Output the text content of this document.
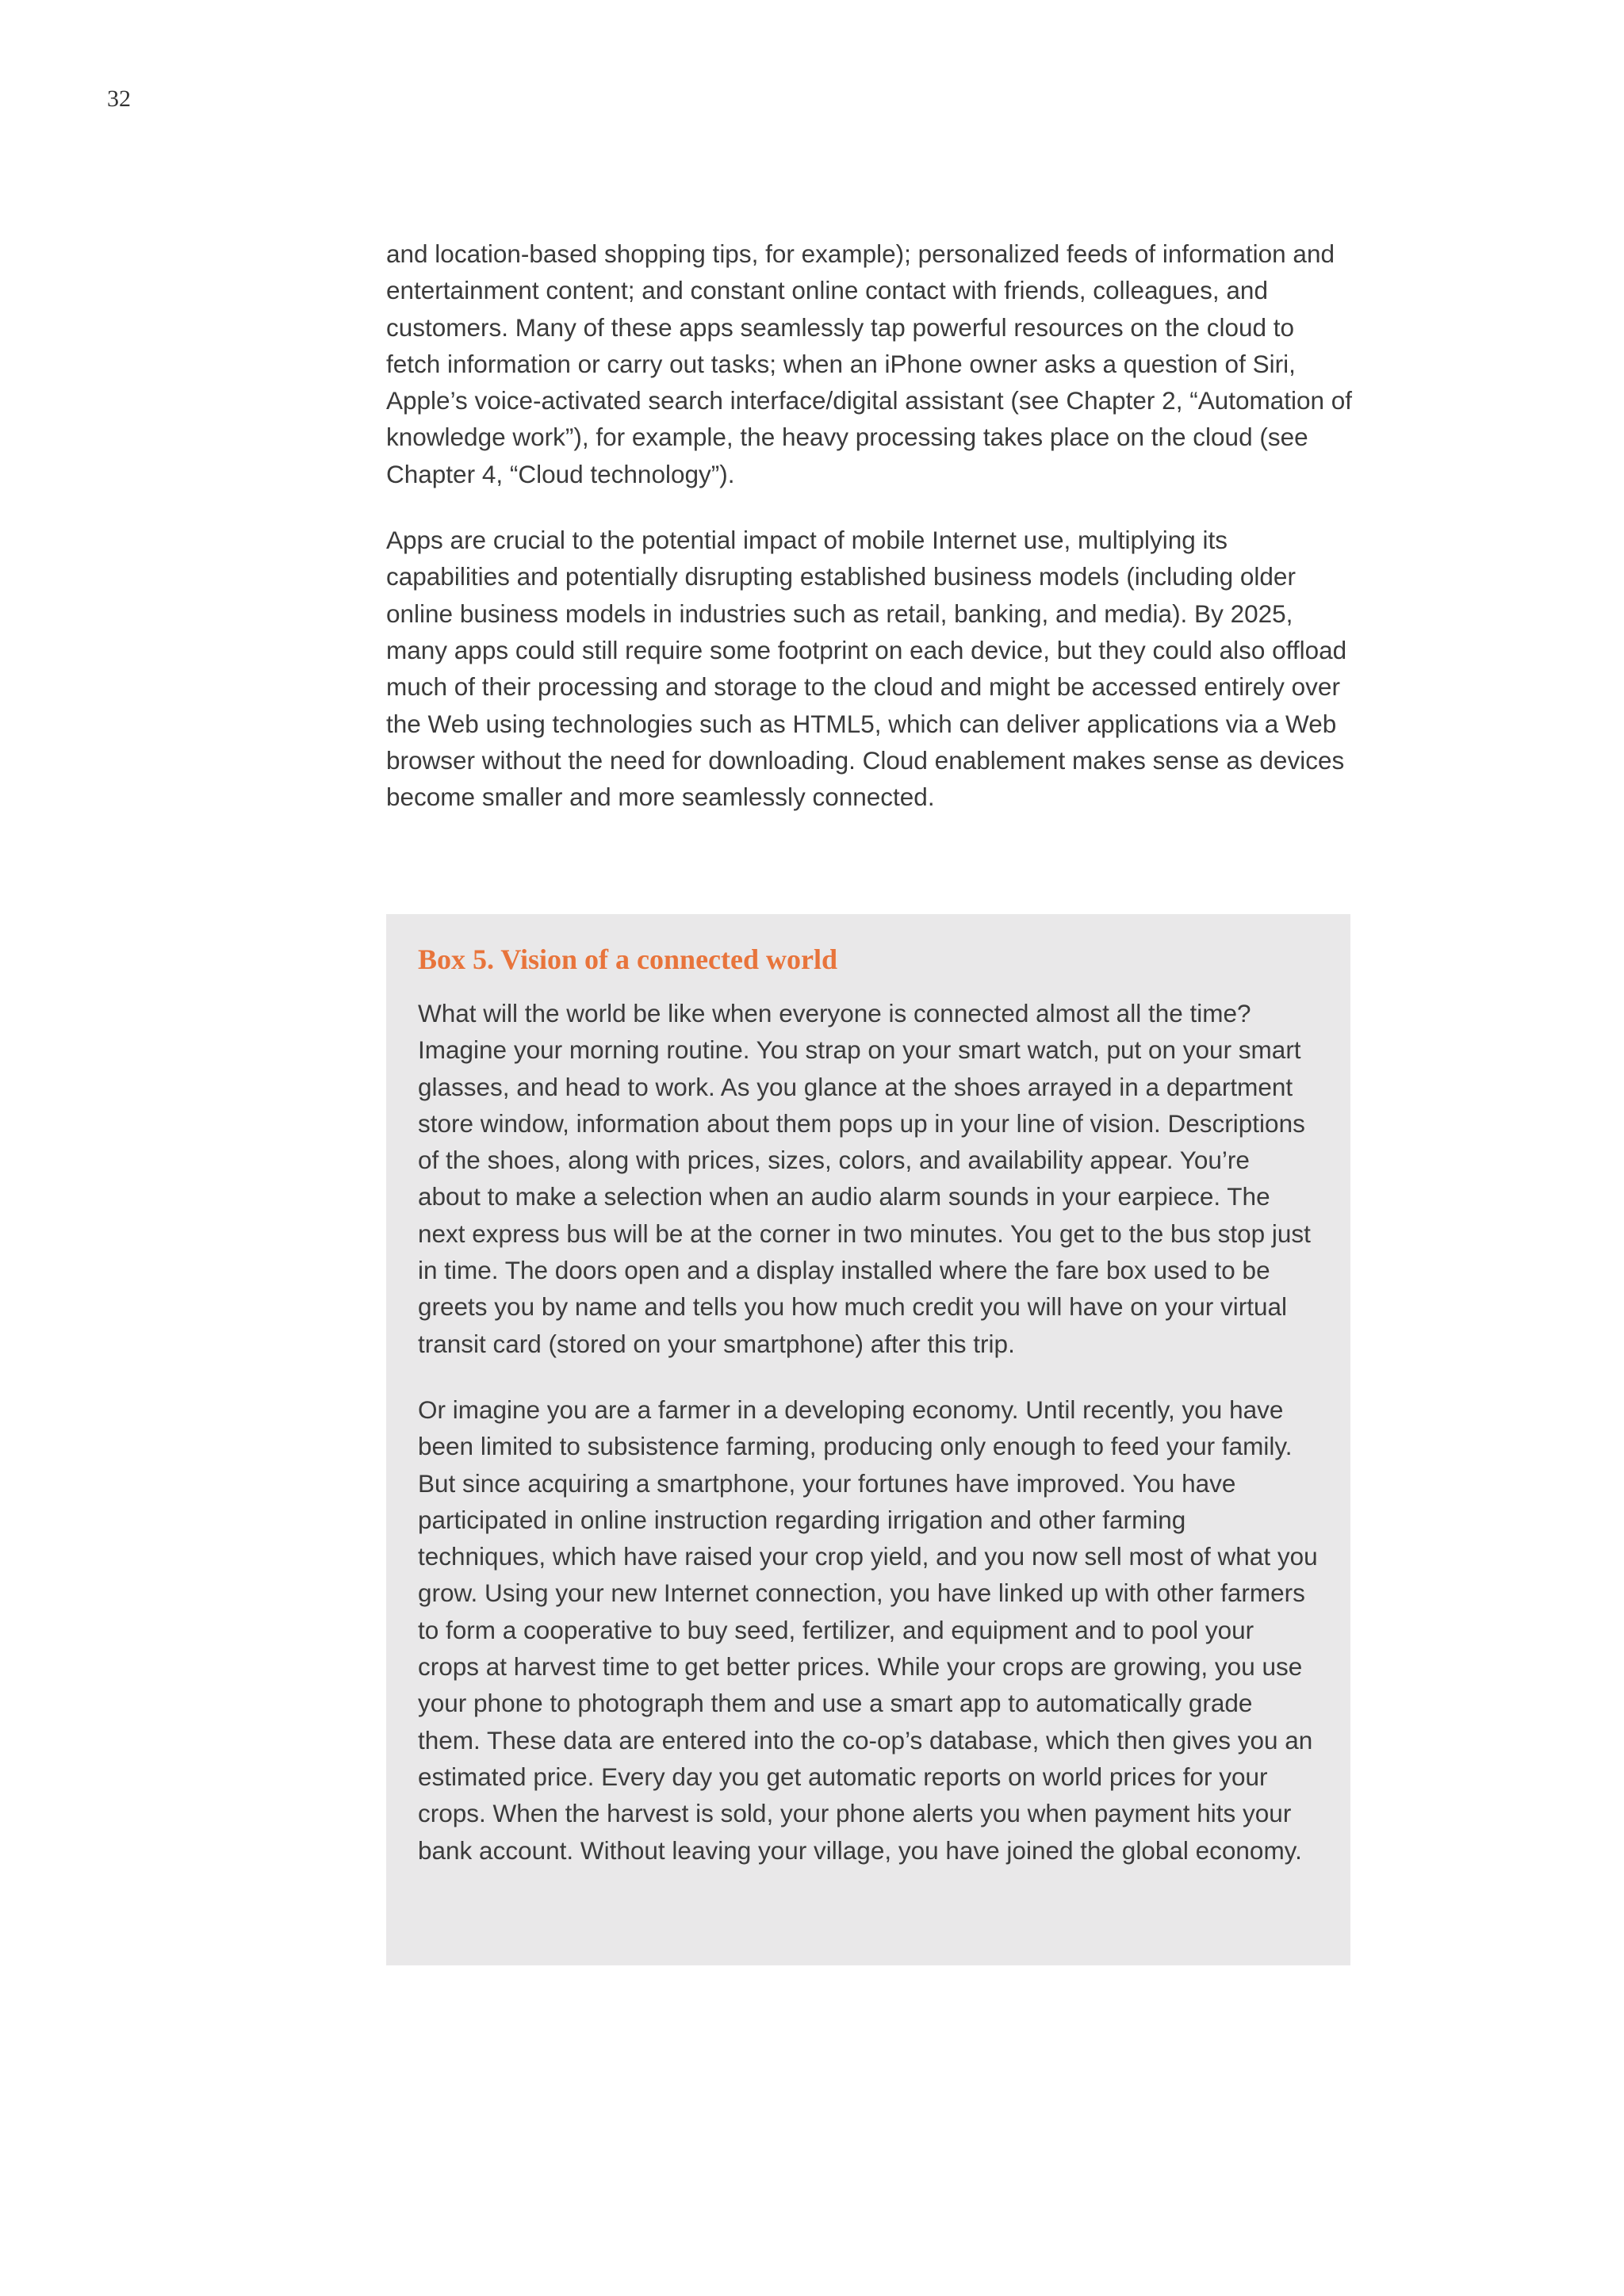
32

and location-based shopping tips, for example); personalized feeds of information and entertainment content; and constant online contact with friends, colleagues, and customers. Many of these apps seamlessly tap powerful resources on the cloud to fetch information or carry out tasks; when an iPhone owner asks a question of Siri, Apple’s voice-activated search interface/digital assistant (see Chapter 2, “Automation of knowledge work”), for example, the heavy processing takes place on the cloud (see Chapter 4, “Cloud technology”).

Apps are crucial to the potential impact of mobile Internet use, multiplying its capabilities and potentially disrupting established business models (including older online business models in industries such as retail, banking, and media). By 2025, many apps could still require some footprint on each device, but they could also offload much of their processing and storage to the cloud and might be accessed entirely over the Web using technologies such as HTML5, which can deliver applications via a Web browser without the need for downloading. Cloud enablement makes sense as devices become smaller and more seamlessly connected.

Box 5. Vision of a connected world

What will the world be like when everyone is connected almost all the time? Imagine your morning routine. You strap on your smart watch, put on your smart glasses, and head to work. As you glance at the shoes arrayed in a department store window, information about them pops up in your line of vision. Descriptions of the shoes, along with prices, sizes, colors, and availability appear. You’re about to make a selection when an audio alarm sounds in your earpiece. The next express bus will be at the corner in two minutes. You get to the bus stop just in time. The doors open and a display installed where the fare box used to be greets you by name and tells you how much credit you will have on your virtual transit card (stored on your smartphone) after this trip.

Or imagine you are a farmer in a developing economy. Until recently, you have been limited to subsistence farming, producing only enough to feed your family. But since acquiring a smartphone, your fortunes have improved. You have participated in online instruction regarding irrigation and other farming techniques, which have raised your crop yield, and you now sell most of what you grow. Using your new Internet connection, you have linked up with other farmers to form a cooperative to buy seed, fertilizer, and equipment and to pool your crops at harvest time to get better prices. While your crops are growing, you use your phone to photograph them and use a smart app to automatically grade them. These data are entered into the co-op’s database, which then gives you an estimated price. Every day you get automatic reports on world prices for your crops. When the harvest is sold, your phone alerts you when payment hits your bank account. Without leaving your village, you have joined the global economy.
